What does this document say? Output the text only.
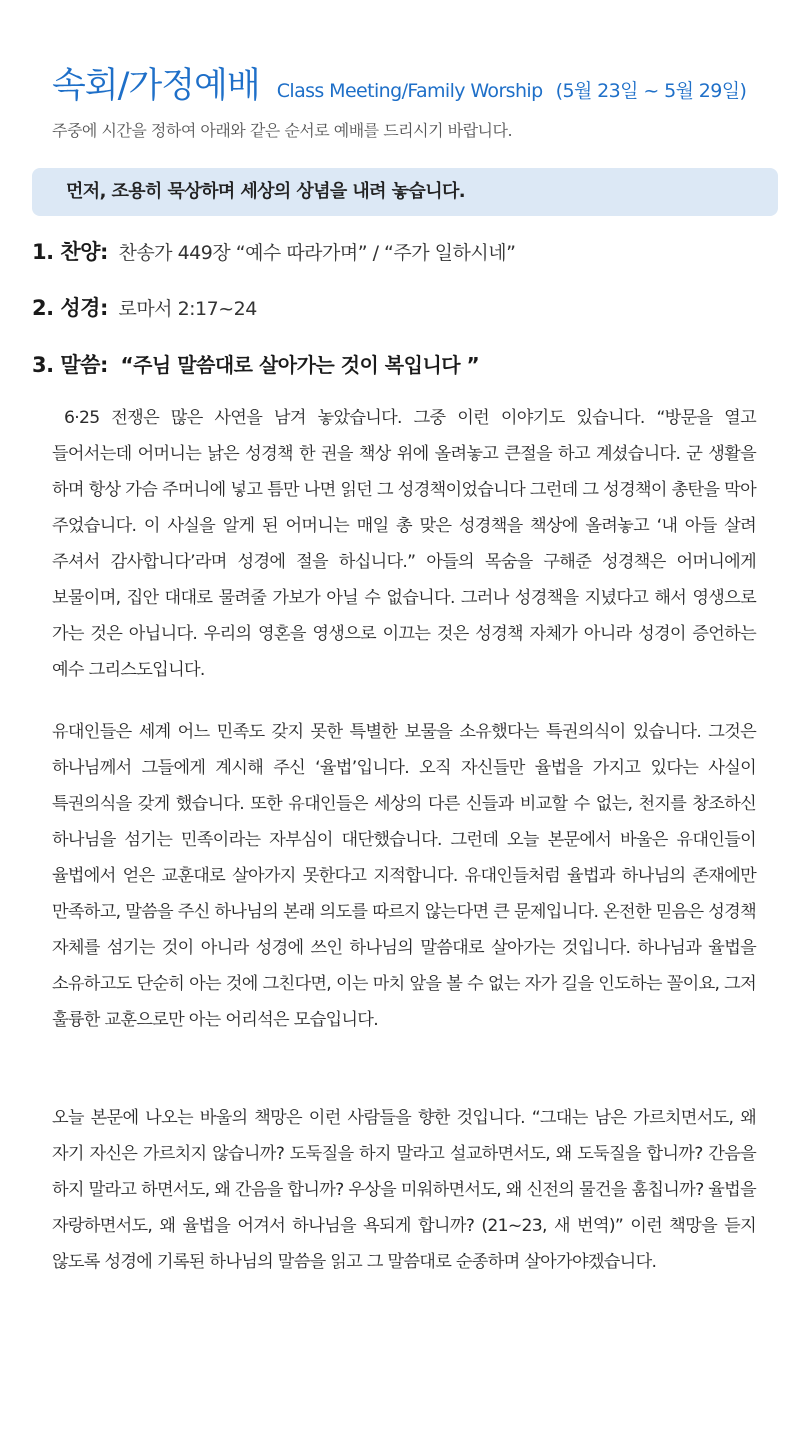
속회/가정예배 Class Meeting/Family Worship (5월 23일 ~ 5월 29일)
주중에 시간을 정하여 아래와 같은 순서로 예배를 드리시기 바랍니다.
먼저, 조용히 묵상하며 세상의 상념을 내려 놓습니다.
1. 찬양: 찬송가 449장 “예수 따라가며” / “주가 일하시네”
2. 성경: 로마서 2:17~24
3. 말씀: “주님 말씀대로 살아가는 것이 복입니다 ”

6·25 전쟁은 많은 사연을 남겨 놓았습니다. 그중 이런 이야기도 있습니다. “방문을 열고 들어서는데 어머니는 낡은 성경책 한 권을 책상 위에 올려놓고 큰절을 하고 계셨습니다. 군 생활을 하며 항상 가슴 주머니에 넣고 틈만 나면 읽던 그 성경책이었습니다 그런데 그 성경책이 총탄을 막아 주었습니다. 이 사실을 알게 된 어머니는 매일 총 맞은 성경책을 책상에 올려놓고 ‘내 아들 살려 주셔서 감사합니다’라며 성경에 절을 하십니다.” 아들의 목숨을 구해준 성경책은 어머니에게 보물이며, 집안 대대로 물려줄 가보가 아닐 수 없습니다. 그러나 성경책을 지녔다고 해서 영생으로 가는 것은 아닙니다. 우리의 영혼을 영생으로 이끄는 것은 성경책 자체가 아니라 성경이 증언하는 예수 그리스도입니다.

유대인들은 세계 어느 민족도 갖지 못한 특별한 보물을 소유했다는 특권의식이 있습니다. 그것은 하나님께서 그들에게 계시해 주신 ‘율법’입니다. 오직 자신들만 율법을 가지고 있다는 사실이 특권의식을 갖게 했습니다. 또한 유대인들은 세상의 다른 신들과 비교할 수 없는, 천지를 창조하신 하나님을 섬기는 민족이라는 자부심이 대단했습니다. 그런데 오늘 본문에서 바울은 유대인들이 율법에서 얻은 교훈대로 살아가지 못한다고 지적합니다. 유대인들처럼 율법과 하나님의 존재에만 만족하고, 말씀을 주신 하나님의 본래 의도를 따르지 않는다면 큰 문제입니다. 온전한 믿음은 성경책 자체를 섬기는 것이 아니라 성경에 쓰인 하나님의 말씀대로 살아가는 것입니다. 하나님과 율법을 소유하고도 단순히 아는 것에 그친다면, 이는 마치 앞을 볼 수 없는 자가 길을 인도하는 꼴이요, 그저 훌륭한 교훈으로만 아는 어리석은 모습입니다.

오늘 본문에 나오는 바울의 책망은 이런 사람들을 향한 것입니다. “그대는 남은 가르치면서도, 왜 자기 자신은 가르치지 않습니까? 도둑질을 하지 말라고 설교하면서도, 왜 도둑질을 합니까? 간음을 하지 말라고 하면서도, 왜 간음을 합니까? 우상을 미워하면서도, 왜 신전의 물건을 훔칩니까? 율법을 자랑하면서도, 왜 율법을 어겨서 하나님을 욕되게 합니까? (21~23, 새 번역)” 이런 책망을 듣지 않도록 성경에 기록된 하나님의 말씀을 읽고 그 말씀대로 순종하며 살아가야겠습니다.
